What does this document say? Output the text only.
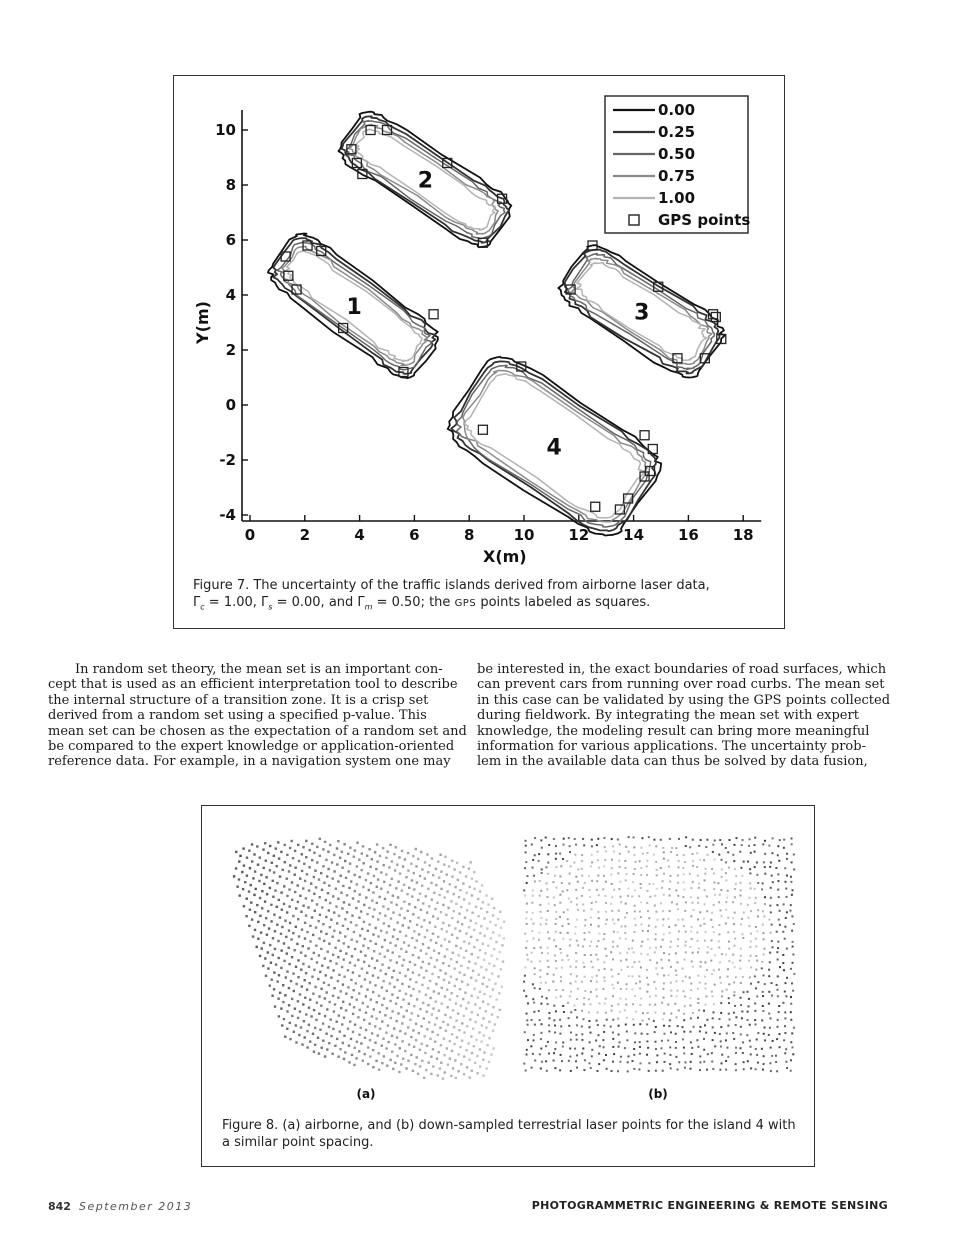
0	2	4	6	8	10 12 14 16 18
-4
-2
0
2
4
6
8
10
X(m)
Y(m)	1
2
3
4
0.00
0.25
0.50
0.75
1.00
GPS points
Figure 7. The uncertainty of the traffic islands derived from airborne laser data,
$\Gamma_c = 1.00$, $\Gamma_s = 0.00$, and $\Gamma_m = 0.50$; the GPS points labeled as squares.
In random set theory, the mean set is an important con-
cept that is used as an efficient interpretation tool to describe
the internal structure of a transition zone. It is a crisp set
derived from a random set using a specified p-value. This
mean set can be chosen as the expectation of a random set and
be compared to the expert knowledge or application-oriented
reference data. For example, in a navigation system one may
be interested in, the exact boundaries of road surfaces, which
can prevent cars from running over road curbs. The mean set
in this case can be validated by using the GPS points collected
during fieldwork. By integrating the mean set with expert
knowledge, the modeling result can bring more meaningful
information for various applications. The uncertainty prob-
lem in the available data can thus be solved by data fusion,
(a)	(b)
Figure 8. (a) airborne, and (b) down-sampled terrestrial laser points for the island 4 with
a similar point spacing.
842 September 2013	PHOTOGRAMMETRIC ENGINEERING & REMOTE SENSING
